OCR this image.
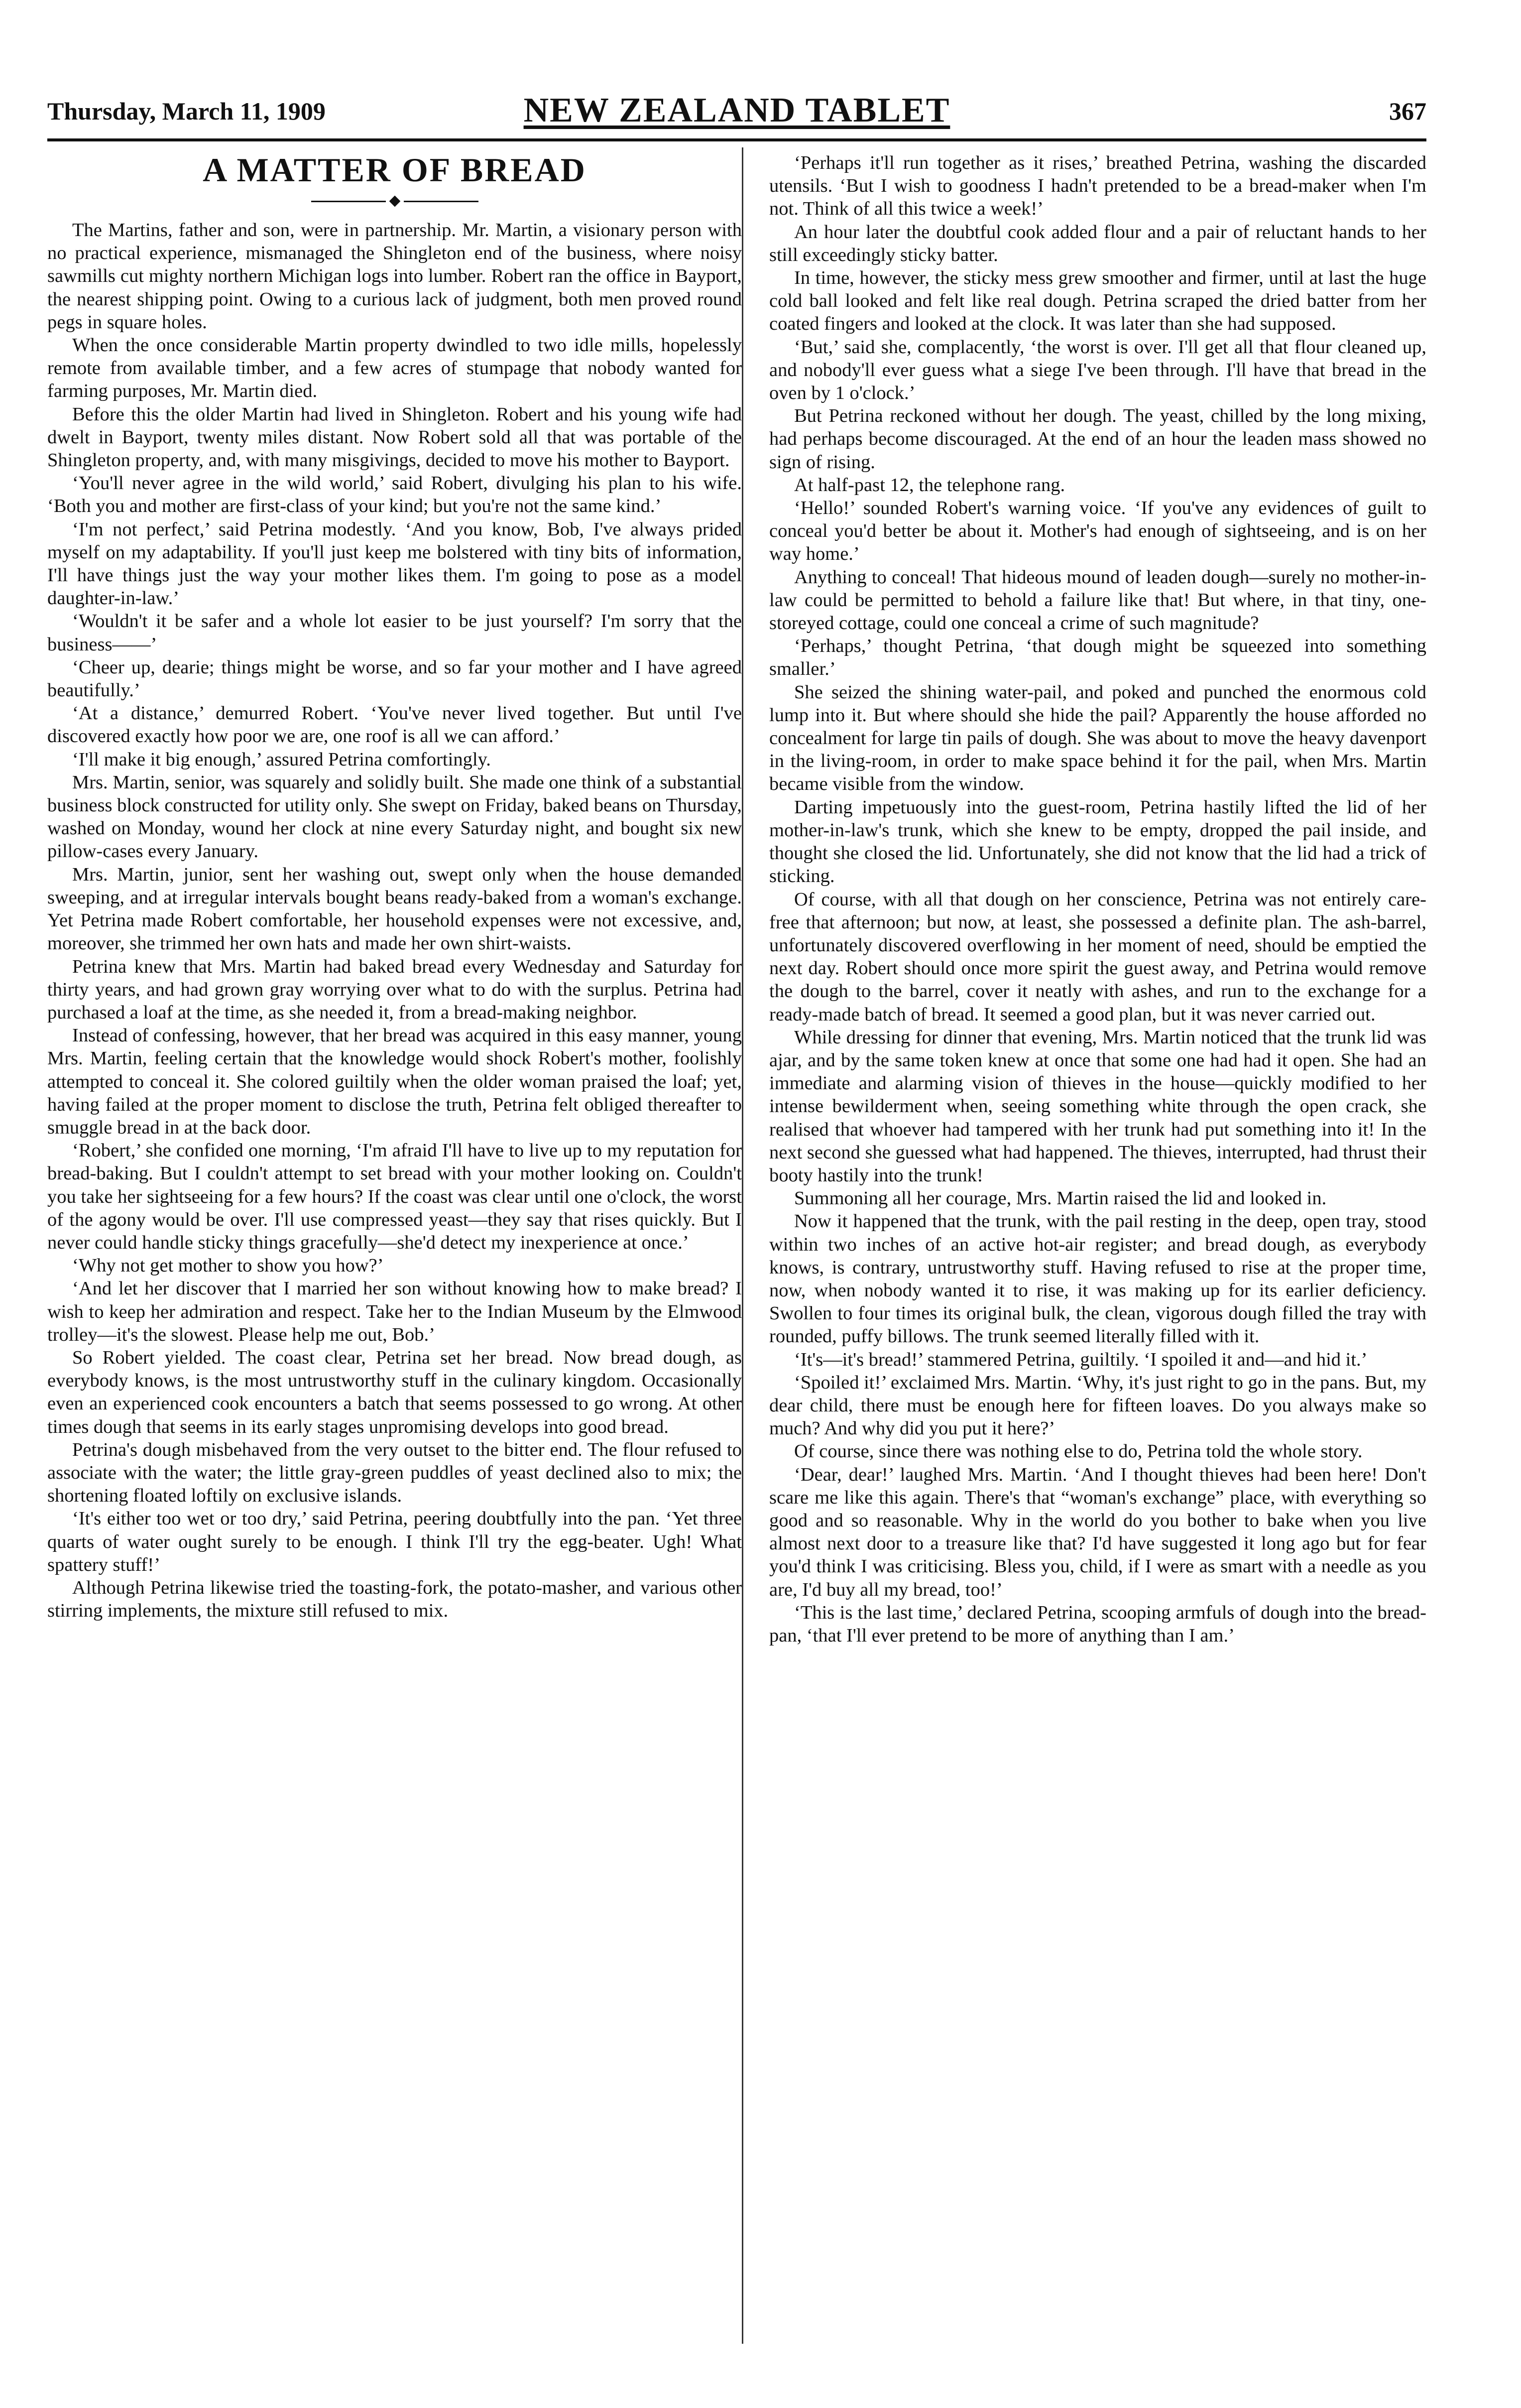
Thursday, March 11, 1909	NEW ZEALAND TABLET	367
A MATTER OF BREAD

The Martins, father and son, were in partnership. Mr. Martin, a visionary person with no practical experience, mismanaged the Shingleton end of the business, where noisy sawmills cut mighty northern Michigan logs into lumber. Robert ran the office in Bayport, the nearest shipping point. Owing to a curious lack of judgment, both men proved round pegs in square holes.

When the once considerable Martin property dwindled to two idle mills, hopelessly remote from available timber, and a few acres of stumpage that nobody wanted for farming purposes, Mr. Martin died.

Before this the older Martin had lived in Shingleton. Robert and his young wife had dwelt in Bayport, twenty miles distant. Now Robert sold all that was portable of the Shingleton property, and, with many misgivings, decided to move his mother to Bayport.

‘You'll never agree in the wild world,’ said Robert, divulging his plan to his wife. ‘Both you and mother are first-class of your kind; but you're not the same kind.’

‘I'm not perfect,’ said Petrina modestly. ‘And you know, Bob, I've always prided myself on my adaptability. If you'll just keep me bolstered with tiny bits of information, I'll have things just the way your mother likes them. I'm going to pose as a model daughter-in-law.’

‘Wouldn't it be safer and a whole lot easier to be just yourself? I'm sorry that the business——’

‘Cheer up, dearie; things might be worse, and so far your mother and I have agreed beautifully.’

‘At a distance,’ demurred Robert. ‘You've never lived together. But until I've discovered exactly how poor we are, one roof is all we can afford.’

‘I'll make it big enough,’ assured Petrina comfortingly.

Mrs. Martin, senior, was squarely and solidly built. She made one think of a substantial business block constructed for utility only. She swept on Friday, baked beans on Thursday, washed on Monday, wound her clock at nine every Saturday night, and bought six new pillow-cases every January.

Mrs. Martin, junior, sent her washing out, swept only when the house demanded sweeping, and at irregular intervals bought beans ready-baked from a woman's exchange. Yet Petrina made Robert comfortable, her household expenses were not excessive, and, moreover, she trimmed her own hats and made her own shirt-waists.

Petrina knew that Mrs. Martin had baked bread every Wednesday and Saturday for thirty years, and had grown gray worrying over what to do with the surplus. Petrina had purchased a loaf at the time, as she needed it, from a bread-making neighbor.

Instead of confessing, however, that her bread was acquired in this easy manner, young Mrs. Martin, feeling certain that the knowledge would shock Robert's mother, foolishly attempted to conceal it. She colored guiltily when the older woman praised the loaf; yet, having failed at the proper moment to disclose the truth, Petrina felt obliged thereafter to smuggle bread in at the back door.

‘Robert,’ she confided one morning, ‘I'm afraid I'll have to live up to my reputation for bread-baking. But I couldn't attempt to set bread with your mother looking on. Couldn't you take her sightseeing for a few hours? If the coast was clear until one o'clock, the worst of the agony would be over. I'll use compressed yeast—they say that rises quickly. But I never could handle sticky things gracefully—she'd detect my inexperience at once.’

‘Why not get mother to show you how?’

‘And let her discover that I married her son without knowing how to make bread? I wish to keep her admiration and respect. Take her to the Indian Museum by the Elmwood trolley—it's the slowest. Please help me out, Bob.’

So Robert yielded. The coast clear, Petrina set her bread. Now bread dough, as everybody knows, is the most untrustworthy stuff in the culinary kingdom. Occasionally even an experienced cook encounters a batch that seems possessed to go wrong. At other times dough that seems in its early stages unpromising develops into good bread.

Petrina's dough misbehaved from the very outset to the bitter end. The flour refused to associate with the water; the little gray-green puddles of yeast declined also to mix; the shortening floated loftily on exclusive islands.

‘It's either too wet or too dry,’ said Petrina, peering doubtfully into the pan. ‘Yet three quarts of water ought surely to be enough. I think I'll try the egg-beater. Ugh! What spattery stuff!’

Although Petrina likewise tried the toasting-fork, the potato-masher, and various other stirring implements, the mixture still refused to mix.

‘Perhaps it'll run together as it rises,’ breathed Petrina, washing the discarded utensils. ‘But I wish to goodness I hadn't pretended to be a bread-maker when I'm not. Think of all this twice a week!’

An hour later the doubtful cook added flour and a pair of reluctant hands to her still exceedingly sticky batter.

In time, however, the sticky mess grew smoother and firmer, until at last the huge cold ball looked and felt like real dough. Petrina scraped the dried batter from her coated fingers and looked at the clock. It was later than she had supposed.

‘But,’ said she, complacently, ‘the worst is over. I'll get all that flour cleaned up, and nobody'll ever guess what a siege I've been through. I'll have that bread in the oven by 1 o'clock.’

But Petrina reckoned without her dough. The yeast, chilled by the long mixing, had perhaps become discouraged. At the end of an hour the leaden mass showed no sign of rising.

At half-past 12, the telephone rang.

‘Hello!’ sounded Robert's warning voice. ‘If you've any evidences of guilt to conceal you'd better be about it. Mother's had enough of sightseeing, and is on her way home.’

Anything to conceal! That hideous mound of leaden dough—surely no mother-in-law could be permitted to behold a failure like that! But where, in that tiny, one-storeyed cottage, could one conceal a crime of such magnitude?

‘Perhaps,’ thought Petrina, ‘that dough might be squeezed into something smaller.’

She seized the shining water-pail, and poked and punched the enormous cold lump into it. But where should she hide the pail? Apparently the house afforded no concealment for large tin pails of dough. She was about to move the heavy davenport in the living-room, in order to make space behind it for the pail, when Mrs. Martin became visible from the window.

Darting impetuously into the guest-room, Petrina hastily lifted the lid of her mother-in-law's trunk, which she knew to be empty, dropped the pail inside, and thought she closed the lid. Unfortunately, she did not know that the lid had a trick of sticking.

Of course, with all that dough on her conscience, Petrina was not entirely care-free that afternoon; but now, at least, she possessed a definite plan. The ash-barrel, unfortunately discovered overflowing in her moment of need, should be emptied the next day. Robert should once more spirit the guest away, and Petrina would remove the dough to the barrel, cover it neatly with ashes, and run to the exchange for a ready-made batch of bread. It seemed a good plan, but it was never carried out.

While dressing for dinner that evening, Mrs. Martin noticed that the trunk lid was ajar, and by the same token knew at once that some one had had it open. She had an immediate and alarming vision of thieves in the house—quickly modified to her intense bewilderment when, seeing something white through the open crack, she realised that whoever had tampered with her trunk had put something into it! In the next second she guessed what had happened. The thieves, interrupted, had thrust their booty hastily into the trunk!

Summoning all her courage, Mrs. Martin raised the lid and looked in.

Now it happened that the trunk, with the pail resting in the deep, open tray, stood within two inches of an active hot-air register; and bread dough, as everybody knows, is contrary, untrustworthy stuff. Having refused to rise at the proper time, now, when nobody wanted it to rise, it was making up for its earlier deficiency. Swollen to four times its original bulk, the clean, vigorous dough filled the tray with rounded, puffy billows. The trunk seemed literally filled with it.

‘It's—it's bread!’ stammered Petrina, guiltily. ‘I spoiled it and—and hid it.’

‘Spoiled it!’ exclaimed Mrs. Martin. ‘Why, it's just right to go in the pans. But, my dear child, there must be enough here for fifteen loaves. Do you always make so much? And why did you put it here?’

Of course, since there was nothing else to do, Petrina told the whole story.

‘Dear, dear!’ laughed Mrs. Martin. ‘And I thought thieves had been here! Don't scare me like this again. There's that “woman's exchange” place, with everything so good and so reasonable. Why in the world do you bother to bake when you live almost next door to a treasure like that? I'd have suggested it long ago but for fear you'd think I was criticising. Bless you, child, if I were as smart with a needle as you are, I'd buy all my bread, too!’

‘This is the last time,’ declared Petrina, scooping armfuls of dough into the bread-pan, ‘that I'll ever pretend to be more of anything than I am.’
